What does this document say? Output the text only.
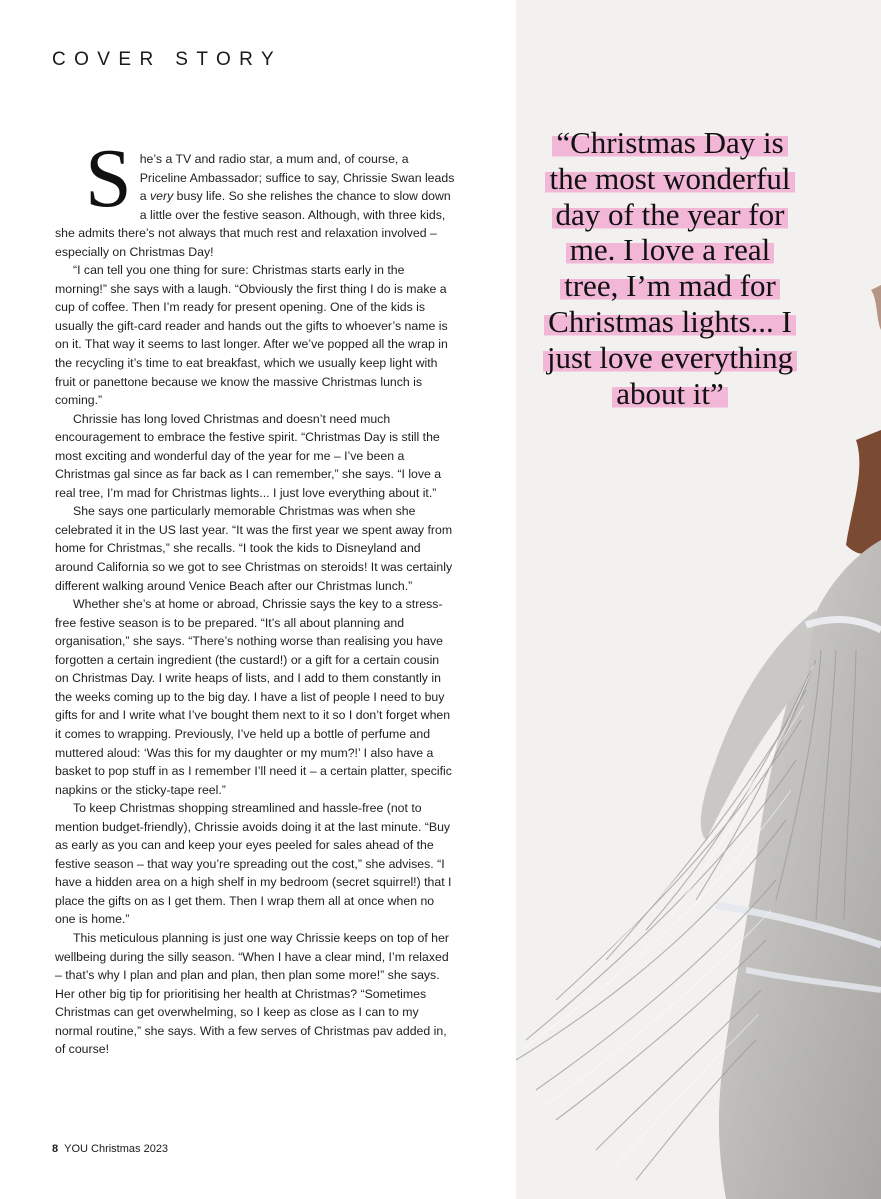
COVER STORY

She’s a TV and radio star, a mum and, of course, a Priceline Ambassador; suffice to say, Chrissie Swan leads a very busy life. So she relishes the chance to slow down a little over the festive season. Although, with three kids, she admits there’s not always that much rest and relaxation involved – especially on Christmas Day!

“I can tell you one thing for sure: Christmas starts early in the morning!” she says with a laugh. “Obviously the first thing I do is make a cup of coffee. Then I’m ready for present opening. One of the kids is usually the gift-card reader and hands out the gifts to whoever’s name is on it. That way it seems to last longer. After we’ve popped all the wrap in the recycling it’s time to eat breakfast, which we usually keep light with fruit or panettone because we know the massive Christmas lunch is coming.”

Chrissie has long loved Christmas and doesn’t need much encouragement to embrace the festive spirit. “Christmas Day is still the most exciting and wonderful day of the year for me – I’ve been a Christmas gal since as far back as I can remember,” she says. “I love a real tree, I’m mad for Christmas lights... I just love everything about it.”

She says one particularly memorable Christmas was when she celebrated it in the US last year. “It was the first year we spent away from home for Christmas,” she recalls. “I took the kids to Disneyland and around California so we got to see Christmas on steroids! It was certainly different walking around Venice Beach after our Christmas lunch.”

Whether she’s at home or abroad, Chrissie says the key to a stress-free festive season is to be prepared. “It’s all about planning and organisation,” she says. “There’s nothing worse than realising you have forgotten a certain ingredient (the custard!) or a gift for a certain cousin on Christmas Day. I write heaps of lists, and I add to them constantly in the weeks coming up to the big day. I have a list of people I need to buy gifts for and I write what I’ve bought them next to it so I don’t forget when it comes to wrapping. Previously, I’ve held up a bottle of perfume and muttered aloud: ‘Was this for my daughter or my mum?!’ I also have a basket to pop stuff in as I remember I’ll need it – a certain platter, specific napkins or the sticky-tape reel.”

To keep Christmas shopping streamlined and hassle-free (not to mention budget-friendly), Chrissie avoids doing it at the last minute. “Buy as early as you can and keep your eyes peeled for sales ahead of the festive season – that way you’re spreading out the cost,” she advises. “I have a hidden area on a high shelf in my bedroom (secret squirrel!) that I place the gifts on as I get them. Then I wrap them all at once when no one is home.”

This meticulous planning is just one way Chrissie keeps on top of her wellbeing during the silly season. “When I have a clear mind, I’m relaxed – that’s why I plan and plan and plan, then plan some more!” she says. Her other big tip for prioritising her health at Christmas? “Sometimes Christmas can get overwhelming, so I keep as close as I can to my normal routine,” she says. With a few serves of Christmas pav added in, of course!

8 YOU Christmas 2023
“Christmas Day is the most wonderful day of the year for me. I love a real tree, I’m mad for Christmas lights... I just love everything about it”
